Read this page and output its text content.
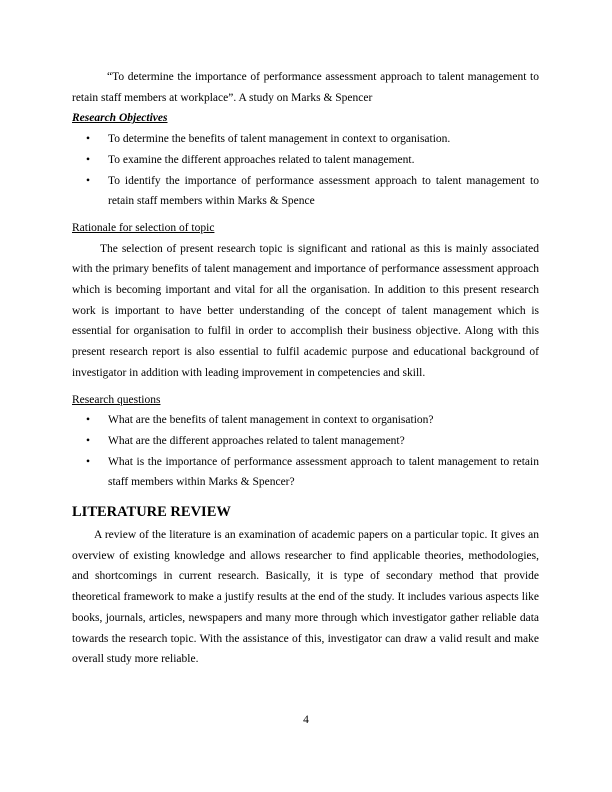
“To determine the importance of performance assessment approach to talent management to retain staff members at workplace”. A study on Marks & Spencer

Research Objectives

• To determine the benefits of talent management in context to organisation.
• To examine the different approaches related to talent management.
• To identify the importance of performance assessment approach to talent management to retain staff members within Marks & Spence

Rationale for selection of topic

The selection of present research topic is significant and rational as this is mainly associated with the primary benefits of talent management and importance of performance assessment approach which is becoming important and vital for all the organisation. In addition to this present research work is important to have better understanding of the concept of talent management which is essential for organisation to fulfil in order to accomplish their business objective. Along with this present research report is also essential to fulfil academic purpose and educational background of investigator in addition with leading improvement in competencies and skill.

Research questions

• What are the benefits of talent management in context to organisation?
• What are the different approaches related to talent management?
• What is the importance of performance assessment approach to talent management to retain staff members within Marks & Spencer?

LITERATURE REVIEW

A review of the literature is an examination of academic papers on a particular topic. It gives an overview of existing knowledge and allows researcher to find applicable theories, methodologies, and shortcomings in current research. Basically, it is type of secondary method that provide theoretical framework to make a justify results at the end of the study. It includes various aspects like books, journals, articles, newspapers and many more through which investigator gather reliable data towards the research topic. With the assistance of this, investigator can draw a valid result and make overall study more reliable.

4
